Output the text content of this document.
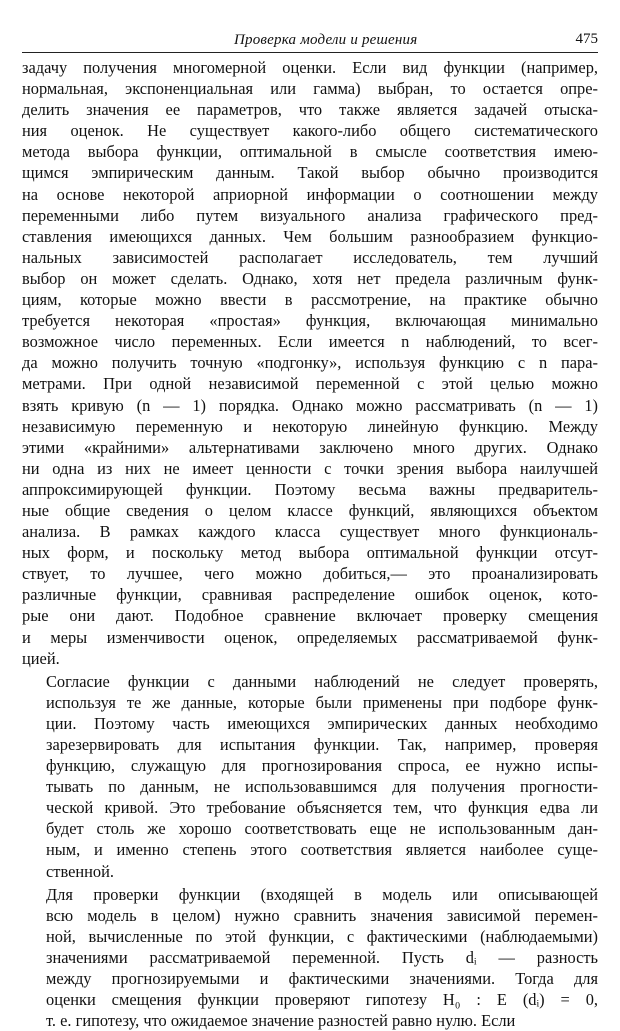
Проверка модели и решения	475
задачу получения многомерной оценки. Если вид функции (например,
нормальная, экспоненциальная или гамма) выбран, то остается опре-
делить значения ее параметров, что также является задачей отыска-
ния оценок. Не существует какого-либо общего систематического
метода выбора функции, оптимальной в смысле соответствия имею-
щимся эмпирическим данным. Такой выбор обычно производится
на основе некоторой априорной информации о соотношении между
переменными либо путем визуального анализа графического пред-
ставления имеющихся данных. Чем большим разнообразием функцио-
нальных зависимостей располагает исследователь, тем лучший
выбор он может сделать. Однако, хотя нет предела различным функ-
циям, которые можно ввести в рассмотрение, на практике обычно
требуется некоторая «простая» функция, включающая минимально
возможное число переменных. Если имеется n наблюдений, то всег-
да можно получить точную «подгонку», используя функцию с n пара-
метрами. При одной независимой переменной с этой целью можно
взять кривую (n — 1) порядка. Однако можно рассматривать (n — 1)
независимую переменную и некоторую линейную функцию. Между
этими «крайними» альтернативами заключено много других. Однако
ни одна из них не имеет ценности с точки зрения выбора наилучшей
аппроксимирующей функции. Поэтому весьма важны предваритель-
ные общие сведения о целом классе функций, являющихся объектом
анализа. В рамках каждого класса существует много функциональ-
ных форм, и поскольку метод выбора оптимальной функции отсут-
ствует, то лучшее, чего можно добиться,— это проанализировать
различные функции, сравнивая распределение ошибок оценок, кото-
рые они дают. Подобное сравнение включает проверку смещения
и меры изменчивости оценок, определяемых рассматриваемой функ-
цией.
Согласие функции с данными наблюдений не следует проверять,
используя те же данные, которые были применены при подборе функ-
ции. Поэтому часть имеющихся эмпирических данных необходимо
зарезервировать для испытания функции. Так, например, проверяя
функцию, служащую для прогнозирования спроса, ее нужно испы-
тывать по данным, не использовавшимся для получения прогности-
ческой кривой. Это требование объясняется тем, что функция едва ли
будет столь же хорошо соответствовать еще не использованным дан-
ным, и именно степень этого соответствия является наиболее суще-
ственной.
Для проверки функции (входящей в модель или описывающей
всю модель в целом) нужно сравнить значения зависимой перемен-
ной, вычисленные по этой функции, с фактическими (наблюдаемыми)
значениями рассматриваемой переменной. Пусть dᵢ — разность
между прогнозируемыми и фактическими значениями. Тогда для
оценки смещения функции проверяют гипотезу H₀ : E (dᵢ) = 0,
т. е. гипотезу, что ожидаемое значение разностей равно нулю. Если
